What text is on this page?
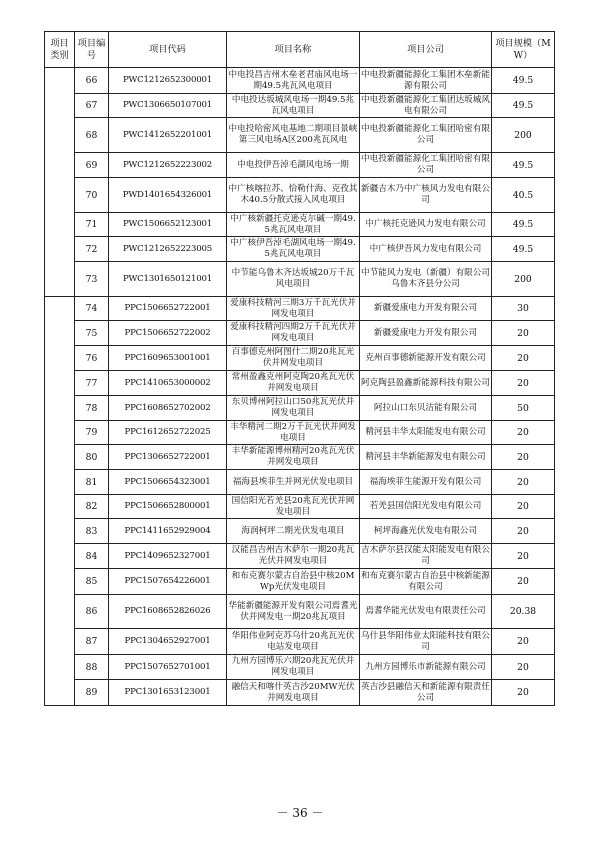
项目类别	项目编号	项目代码	项目名称	项目公司	项目规模（MW）
	66	PWC1212652300001	中电投昌吉州木垒老君庙风电场一期49.5兆瓦风电项目	中电投新疆能源化工集团木垒新能源有限公司	49.5
	67	PWC1306650107001	中电投达坂城风电场一期49.5兆瓦风电项目	中电投新疆能源化工集团达坂城风电有限公司	49.5
	68	PWC1412652201001	中电投哈密风电基地二期项目景峡第三风电场A区200兆瓦风电	中电投新疆能源化工集团哈密有限公司	200
	69	PWC1212652223002	中电投伊吾淖毛湖风电场一期	中电投新疆能源化工集团哈密有限公司	49.5
	70	PWD1401654326001	中广核喀拉苏、恰勒什海、克孜其木40.5分散式接入风电项目	新疆吉木乃中广核风力发电有限公司	40.5
	71	PWC1506652123001	中广核新疆托克逊克尔碱一期49.5兆瓦风电项目	中广核托克逊风力发电有限公司	49.5
	72	PWC1212652223005	中广核伊吾淖毛湖风电场一期49.5兆瓦风电项目	中广核伊吾风力发电有限公司	49.5
	73	PWC1301650121001	中节能乌鲁木齐达坂城20万千瓦风电项目	中节能风力发电（新疆）有限公司乌鲁木齐县分公司	200
	74	PPC1506652722001	爱康科技精河三期3万千瓦光伏并网发电项目	新疆爱康电力开发有限公司	30
	75	PPC1506652722002	爱康科技精河四期2万千瓦光伏并网发电项目	新疆爱康电力开发有限公司	20
	76	PPC1609653001001	百事德克州阿图什二期20兆瓦光伏并网发电项目	克州百事德新能源开发有限公司	20
	77	PPC1410653000002	常州盈鑫克州阿克陶20兆瓦光伏并网发电项目	阿克陶县盈鑫新能源科技有限公司	20
	78	PPC1608652702002	东贝博州阿拉山口50兆瓦光伏并网发电项目	阿拉山口东贝洁能有限公司	50
	79	PPC1612652722025	丰华精河二期2万千瓦光伏并网发电项目	精河县丰华太阳能发电有限公司	20
	80	PPC1306652722001	丰华新能源博州精河20兆瓦光伏并网发电项目	精河县丰华新能源发电有限公司	20
	81	PPC1506654323001	福海县埃菲生并网光伏发电项目	福海埃菲生能源开发有限公司	20
	82	PPC1506652800001	国信阳光若羌县20兆瓦光伏并网发电项目	若羌县国信阳光发电有限公司	20
	83	PPC1411652929004	海润柯坪二期光伏发电项目	柯坪海鑫光伏发电有限公司	20
	84	PPC1409652327001	汉能昌吉州吉木萨尔一期20兆瓦光伏并网发电项目	吉木萨尔县汉能太阳能发电有限公司	20
	85	PPC1507654226001	和布克赛尔蒙古自治县中核20MWp光伏发电项目	和布克赛尔蒙古自治县中核新能源有限公司	20
	86	PPC1608652826026	华能新疆能源开发有限公司焉耆光伏并网发电一期20兆瓦项目	焉耆华能光伏发电有限责任公司	20.38
	87	PPC1304652927001	华阳伟业阿克苏乌什20兆瓦光伏电站发电项目	乌什县华阳伟业太阳能科技有限公司	20
	88	PPC1507652701001	九州方园博乐六期20兆瓦光伏并网发电项目	九州方园博乐市新能源有限公司	20
	89	PPC1301653123001	融信天和喀什英吉沙20MW光伏并网发电项目	英吉沙县融信天和新能源有限责任公司	20
－ 36 －
